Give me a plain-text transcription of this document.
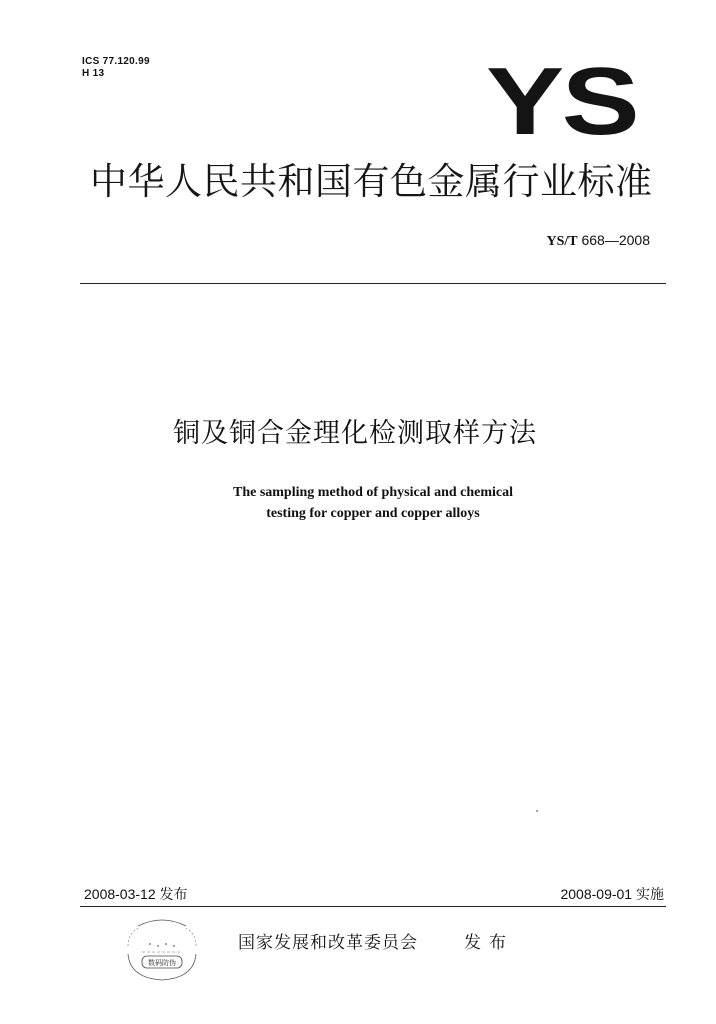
ICS 77.120.99
H 13	YS
中华人民共和国有色金属行业标准
YS/T 668—2008
铜及铜合金理化检测取样方法
The sampling method of physical and chemical
testing for copper and copper alloys
2008-03-12 发布	2008-09-01 实施
数码防伪
国家发展和改革委员会	发布
